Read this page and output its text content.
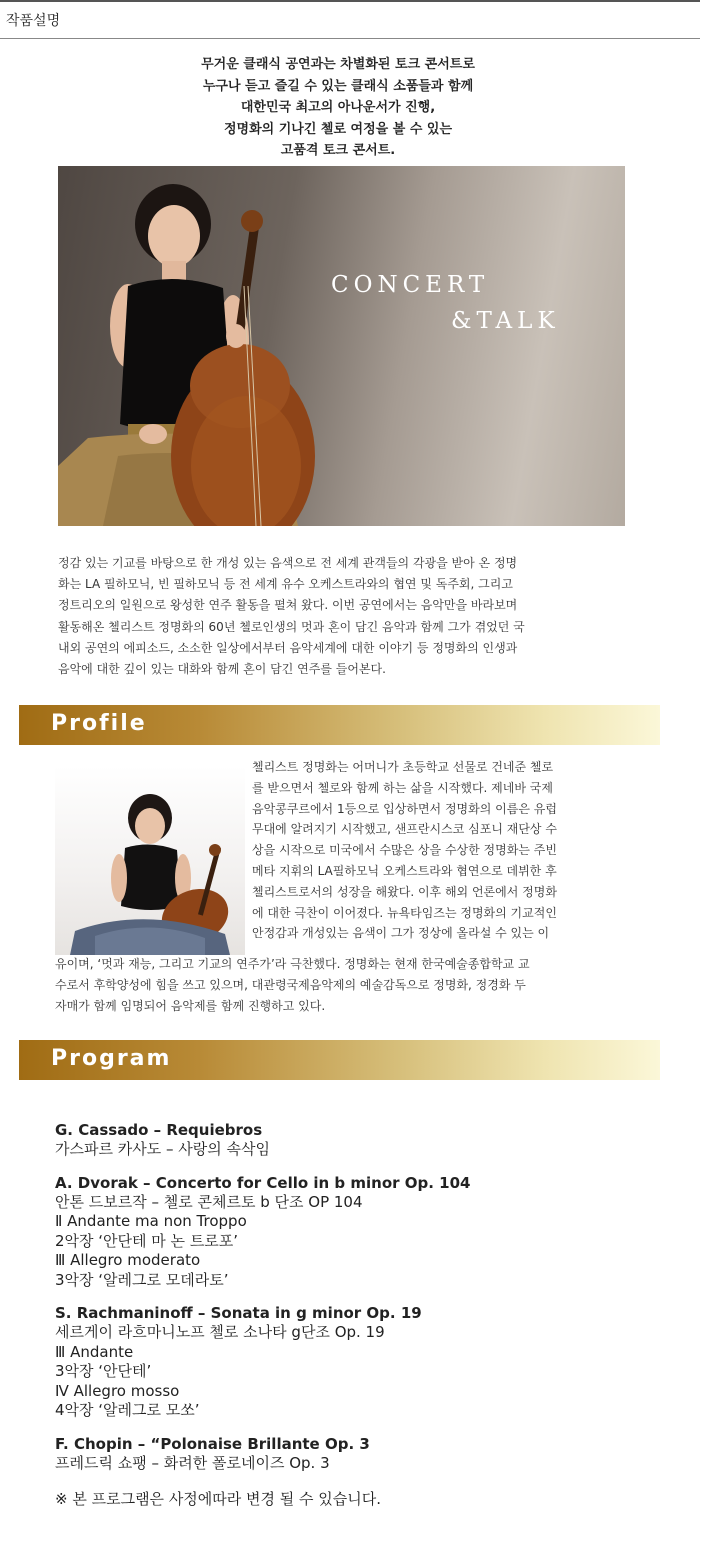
작품설명
무거운 클래식 공연과는 차별화된 토크 콘서트로
누구나 듣고 즐길 수 있는 클래식 소품들과 함께
대한민국 최고의 아나운서가 진행,
정명화의 기나긴 첼로 여정을 볼 수 있는
고품격 토크 콘서트.
CONCERT
&TALK
정감 있는 기교를 바탕으로 한 개성 있는 음색으로 전 세계 관객들의 각광을 받아 온 정명
화는 LA 필하모닉, 빈 필하모닉 등 전 세계 유수 오케스트라와의 협연 및 독주회, 그리고
정트리오의 일원으로 왕성한 연주 활동을 펼쳐 왔다. 이번 공연에서는 음악만을 바라보며
활동해온 첼리스트 정명화의 60년 첼로인생의 멋과 혼이 담긴 음악과 함께 그가 겪었던 국
내외 공연의 에피소드, 소소한 일상에서부터 음악세계에 대한 이야기 등 정명화의 인생과
음악에 대한 깊이 있는 대화와 함께 혼이 담긴 연주를 들어본다.
Profile
첼리스트 정명화는 어머니가 초등학교 선물로 건네준 첼로
를 받으면서 첼로와 함께 하는 삶을 시작했다. 제네바 국제
음악콩쿠르에서 1등으로 입상하면서 정명화의 이름은 유럽
무대에 알려지기 시작했고, 샌프란시스코 심포니 재단상 수
상을 시작으로 미국에서 수많은 상을 수상한 정명화는 주빈
메타 지휘의 LA필하모닉 오케스트라와 협연으로 데뷔한 후
첼리스트로서의 성장을 해왔다. 이후 해외 언론에서 정명화
에 대한 극찬이 이어졌다. 뉴욕타임즈는 정명화의 기교적인
안정감과 개성있는 음색이 그가 정상에 올라설 수 있는 이
유이며, ‘멋과 재능, 그리고 기교의 연주가’라 극찬했다. 정명화는 현재 한국예술종합학교 교
수로서 후학양성에 힘을 쓰고 있으며, 대관령국제음악제의 예술감독으로 정명화, 정경화 두
자매가 함께 임명되어 음악제를 함께 진행하고 있다.
Program
G. Cassado – Requiebros
가스파르 카사도 – 사랑의 속삭임
A. Dvorak – Concerto for Cello in b minor Op. 104
안톤 드보르작 – 첼로 콘체르토 b 단조 OP 104
Ⅱ Andante ma non Troppo
2악장 ‘안단테 마 논 트로포’
Ⅲ Allegro moderato
3악장 ‘알레그로 모데라토’
S. Rachmaninoff – Sonata in g minor Op. 19
세르게이 라흐마니노프 첼로 소나타 g단조 Op. 19
Ⅲ Andante
3악장 ‘안단테’
Ⅳ Allegro mosso
4악장 ‘알레그로 모쏘’
F. Chopin – “Polonaise Brillante Op. 3
프레드릭 쇼팽 – 화려한 폴로네이즈 Op. 3
※ 본 프로그램은 사정에따라 변경 될 수 있습니다.
